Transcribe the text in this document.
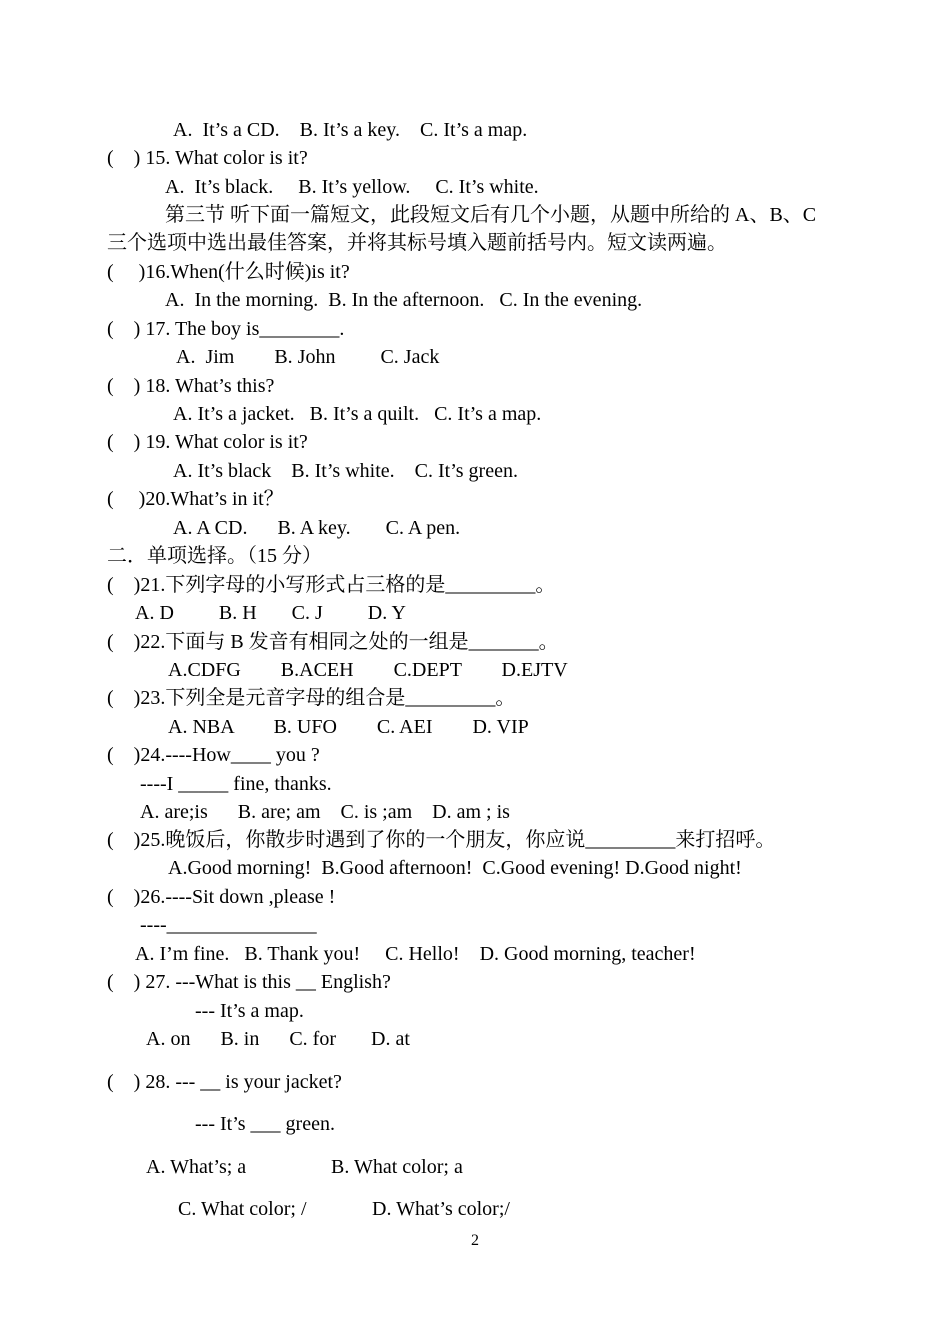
A.  It’s a CD.    B. It’s a key.    C. It’s a map.
(    ) 15. What color is it?
A.  It’s black.     B. It’s yellow.     C. It’s white.
第三节 听下面一篇短文，此段短文后有几个小题，从题中所给的 A、B、C
三个选项中选出最佳答案，并将其标号填入题前括号内。短文读两遍。
(     )16.When(什么时候)is it?
A.  In the morning.  B. In the afternoon.   C. In the evening.
(    ) 17. The boy is________.
A.  Jim        B. John         C. Jack
(    ) 18. What’s this?
A. It’s a jacket.   B. It’s a quilt.   C. It’s a map.
(    ) 19. What color is it?
A. It’s black    B. It’s white.    C. It’s green.
(     )20.What’s in it？
A. A CD.      B. A key.       C. A pen.
二．单项选择。（15 分）
(    )21.下列字母的小写形式占三格的是_________。
A. D         B. H       C. J         D. Y
(    )22.下面与 B 发音有相同之处的一组是_______。
A.CDFG        B.ACEH        C.DEPT        D.EJTV
(    )23.下列全是元音字母的组合是_________。
A. NBA        B. UFO        C. AEI        D. VIP
(    )24.----How____ you ?
----I _____ fine, thanks.
A. are;is      B. are; am    C. is ;am    D. am ; is
(    )25.晚饭后，你散步时遇到了你的一个朋友，你应说_________来打招呼。
A.Good morning!  B.Good afternoon!  C.Good evening! D.Good night!
(    )26.----Sit down ,please !
----_______________
A. I’m fine.   B. Thank you!     C. Hello!    D. Good morning, teacher!
(    ) 27. ---What is this __ English?
--- It’s a map.
A. on      B. in      C. for       D. at
(    ) 28. --- __ is your jacket?
--- It’s ___ green.
A. What’s; a	B. What color; a
C. What color; /	D. What’s color;/
2
